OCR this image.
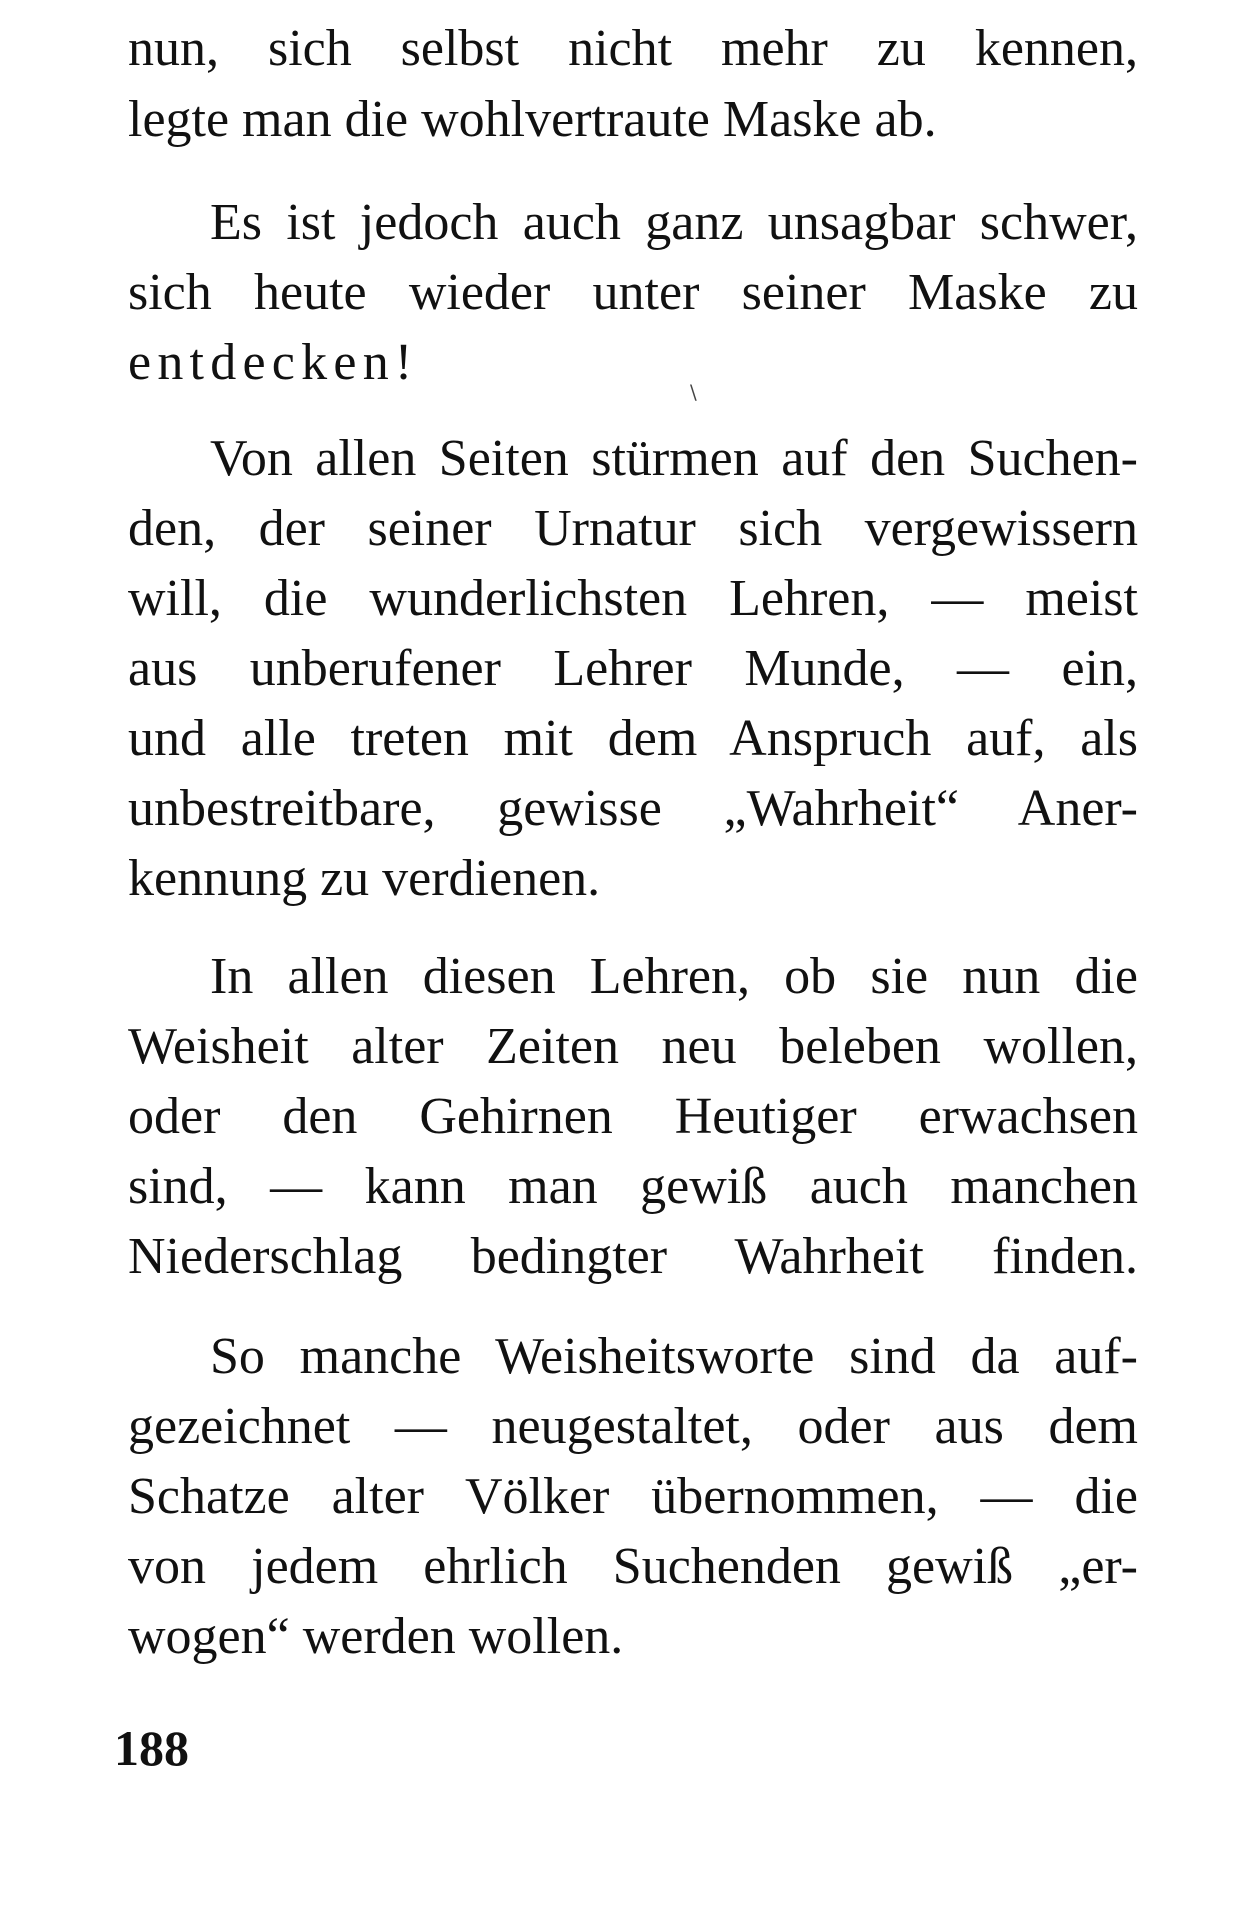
nun, sich selbst nicht mehr zu kennen,
legte man die wohlvertraute Maske ab.
Es ist jedoch auch ganz unsagbar schwer,
sich heute wieder unter seiner Maske zu
entdecken!
\
Von allen Seiten stürmen auf den Suchen-
den, der seiner Urnatur sich vergewissern
will, die wunderlichsten Lehren, — meist
aus unberufener Lehrer Munde, — ein,
und alle treten mit dem Anspruch auf, als
unbestreitbare, gewisse „Wahrheit“ Aner-
kennung zu verdienen.
In allen diesen Lehren, ob sie nun die
Weisheit alter Zeiten neu beleben wollen,
oder den Gehirnen Heutiger erwachsen
sind, — kann man gewiß auch manchen
Niederschlag bedingter Wahrheit finden.
So manche Weisheitsworte sind da auf-
gezeichnet — neugestaltet, oder aus dem
Schatze alter Völker übernommen, — die
von jedem ehrlich Suchenden gewiß „er-
wogen“ werden wollen.
188
